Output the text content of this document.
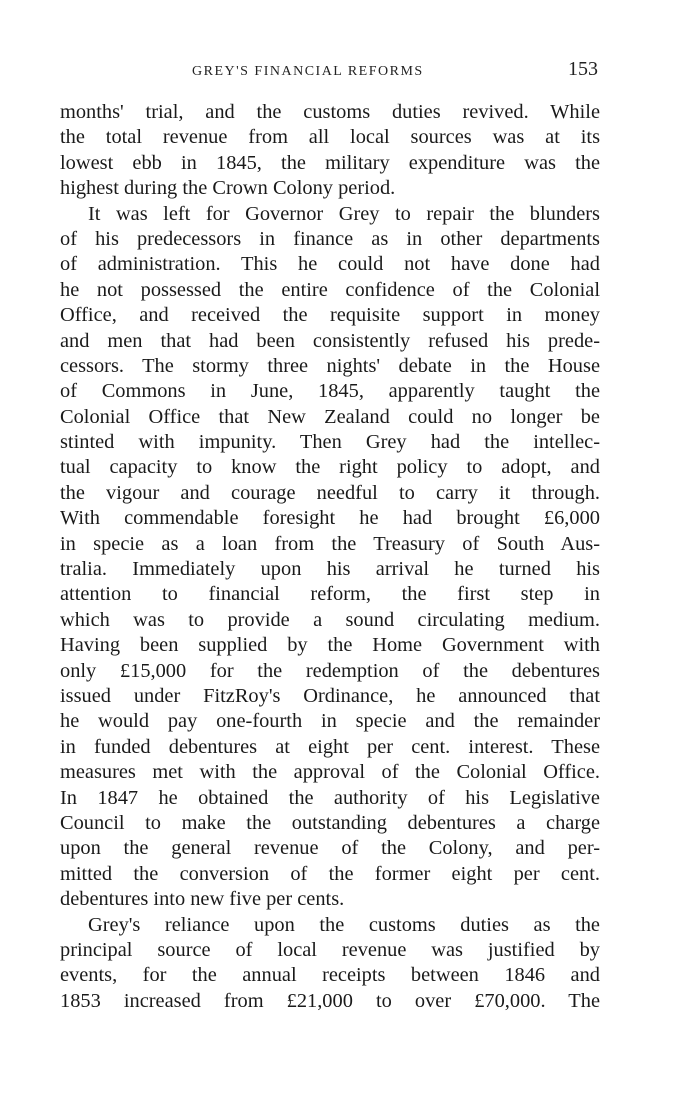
GREY'S FINANCIAL REFORMS	153
months' trial, and the customs duties revived. While
the total revenue from all local sources was at its
lowest ebb in 1845, the military expenditure was the
highest during the Crown Colony period.
It was left for Governor Grey to repair the blunders
of his predecessors in finance as in other departments
of administration. This he could not have done had
he not possessed the entire confidence of the Colonial
Office, and received the requisite support in money
and men that had been consistently refused his prede-
cessors. The stormy three nights' debate in the House
of Commons in June, 1845, apparently taught the
Colonial Office that New Zealand could no longer be
stinted with impunity. Then Grey had the intellec-
tual capacity to know the right policy to adopt, and
the vigour and courage needful to carry it through.
With commendable foresight he had brought £6,000
in specie as a loan from the Treasury of South Aus-
tralia. Immediately upon his arrival he turned his
attention to financial reform, the first step in
which was to provide a sound circulating medium.
Having been supplied by the Home Government with
only £15,000 for the redemption of the debentures
issued under FitzRoy's Ordinance, he announced that
he would pay one-fourth in specie and the remainder
in funded debentures at eight per cent. interest. These
measures met with the approval of the Colonial Office.
In 1847 he obtained the authority of his Legislative
Council to make the outstanding debentures a charge
upon the general revenue of the Colony, and per-
mitted the conversion of the former eight per cent.
debentures into new five per cents.
Grey's reliance upon the customs duties as the
principal source of local revenue was justified by
events, for the annual receipts between 1846 and
1853 increased from £21,000 to over £70,000. The
